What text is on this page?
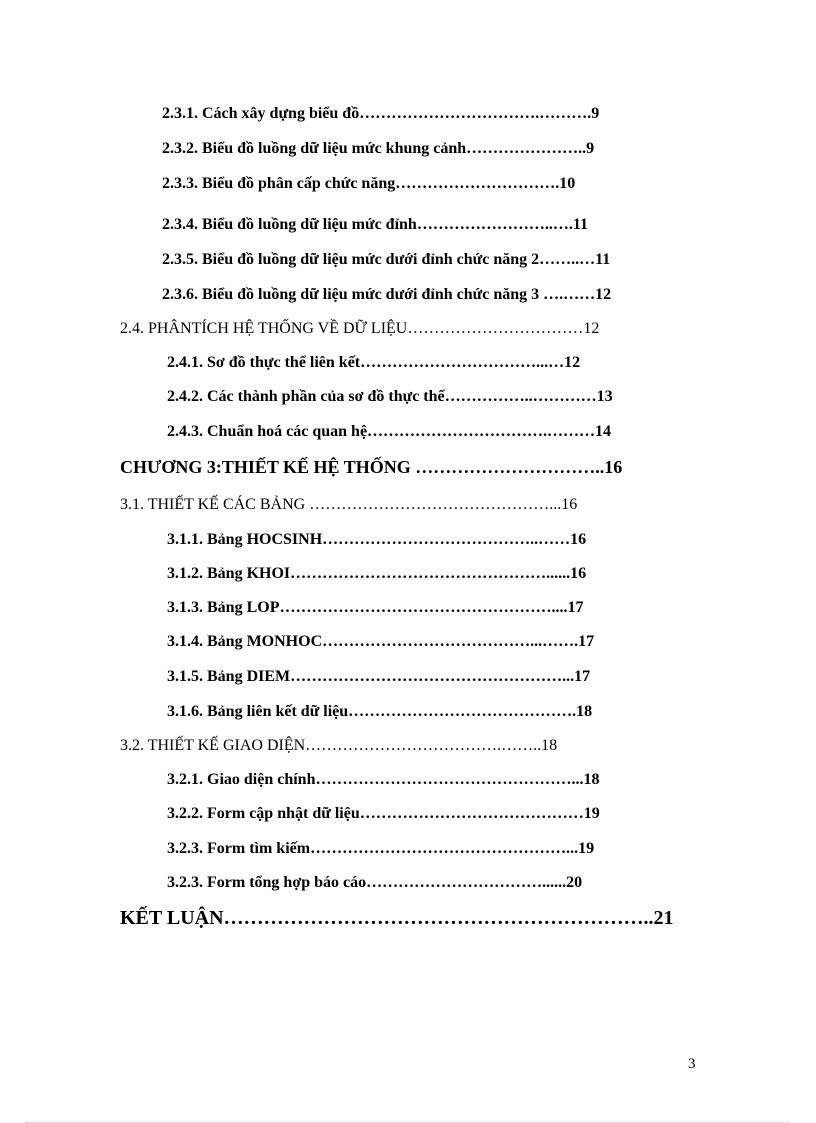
2.3.1. Cách xây dựng biểu đồ…………………………….……….9
2.3.2. Biểu đồ luồng dữ liệu mức khung cảnh…………………..9
2.3.3. Biểu đồ phân cấp chức năng………………………….10
2.3.4. Biểu đồ luồng dữ liệu mức đỉnh……………………..….11
2.3.5. Biểu đồ luồng dữ liệu mức dưới đỉnh chức năng 2……..…11
2.3.6. Biểu đồ luồng dữ liệu mức dưới đỉnh chức năng 3 ….……12
2.4. PHÂNTÍCH HỆ THỐNG VỀ DỮ LIỆU……………………………12
2.4.1. Sơ đồ thực thể liên kết……………………………...…12
2.4.2. Các thành phần của sơ đồ thực thể……………..…………13
2.4.3. Chuẩn hoá các quan hệ…………………………….………14
CHƯƠNG 3:THIẾT KẾ HỆ THỐNG …………………………..16
3.1. THIẾT KẾ CÁC BẢNG ………………………………………...16
3.1.1. Bảng HOCSINH…………………………………..……16
3.1.2. Bảng KHOI…………………………………………......16
3.1.3. Bảng LOP……………………………………………....17
3.1.4. Bảng MONHOC…………………………………...…….17
3.1.5. Bảng DIEM……………………………………………...17
3.1.6. Bảng liên kết dữ liệu…………………………………….18
3.2. THIẾT KẾ GIAO DIỆN……………………………….……..18
3.2.1. Giao diện chính…………………………………………...18
3.2.2. Form cập nhật dữ liệu……………………………………19
3.2.3. Form tìm kiếm…………………………………………...19
3.2.3. Form tổng hợp báo cáo……………………………......20
KẾT LUẬN………………………………………………………..21
3
